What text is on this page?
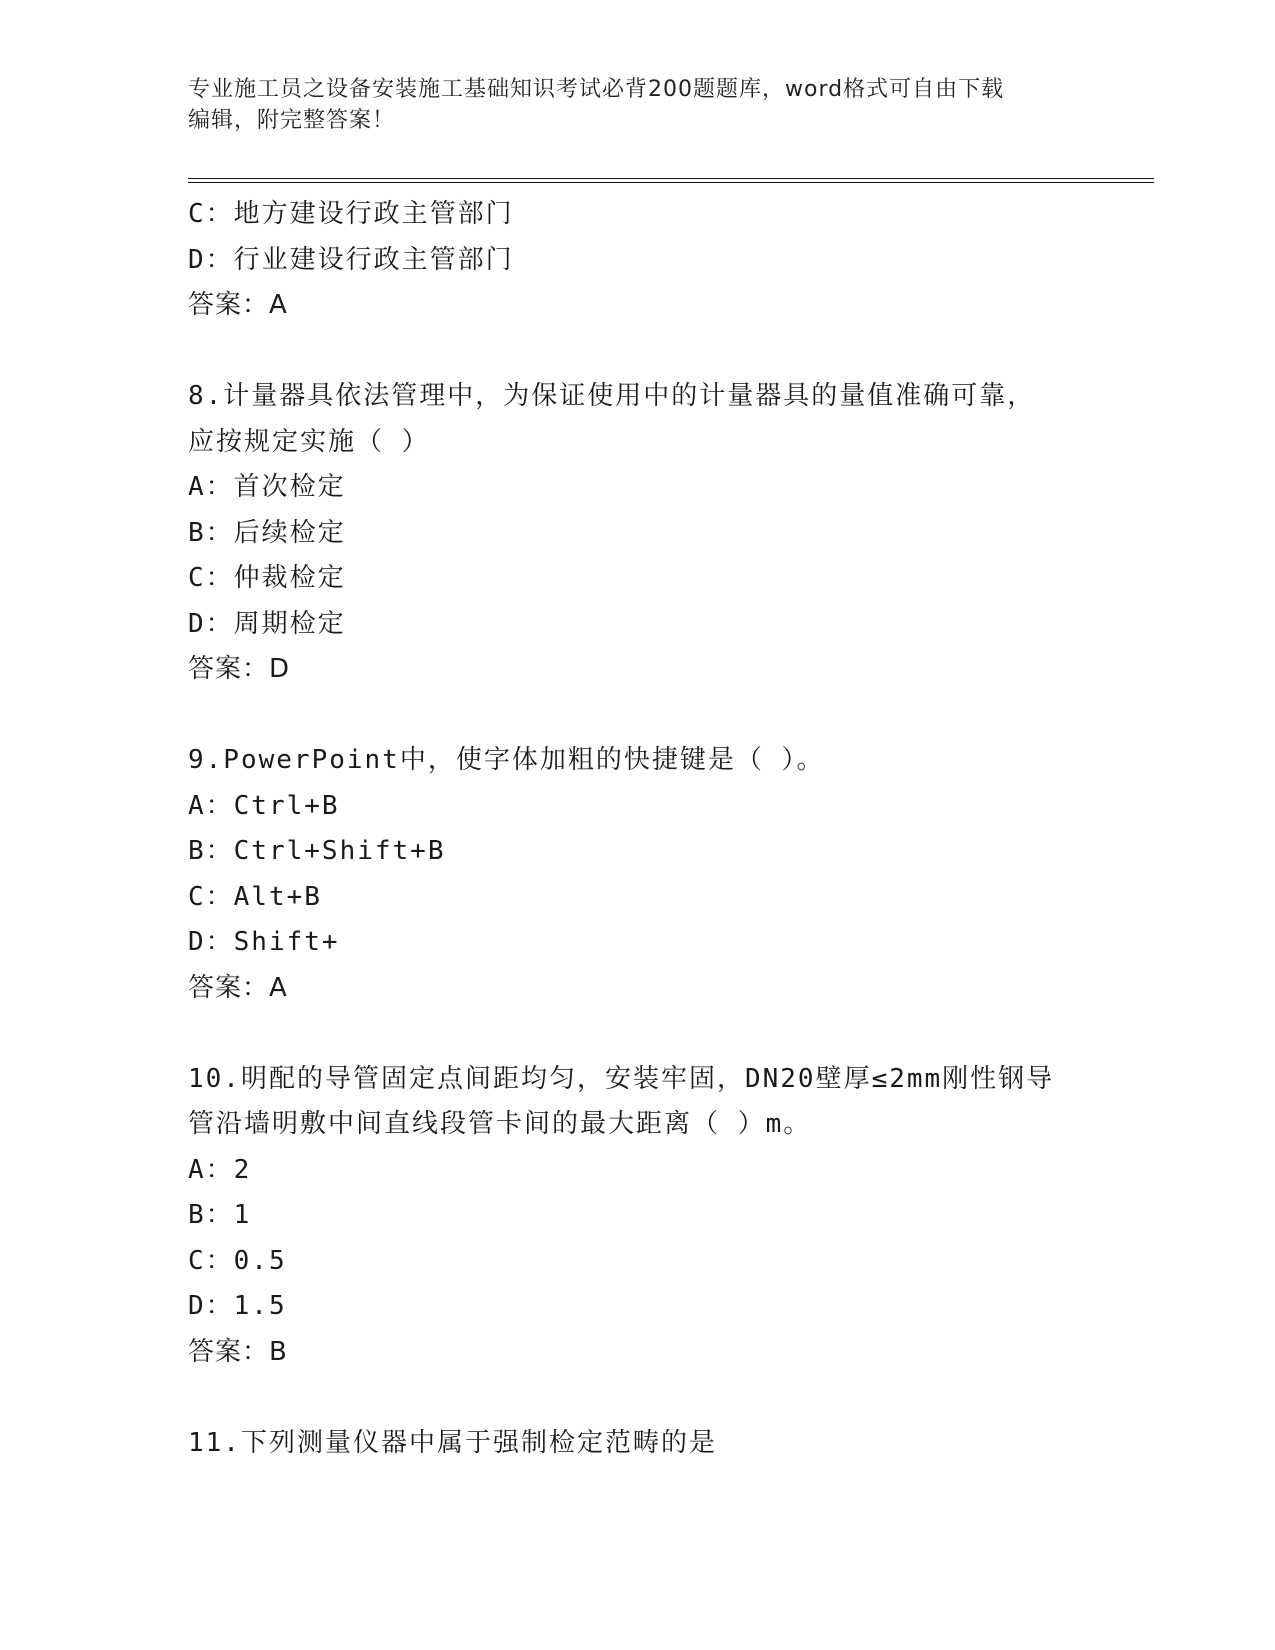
专业施工员之设备安装施工基础知识考试必背200题题库，word格式可自由下载
编辑，附完整答案！
C：地方建设行政主管部门
D：行业建设行政主管部门
答案：A
8.计量器具依法管理中，为保证使用中的计量器具的量值准确可靠，
应按规定实施（ ）
A：首次检定
B：后续检定
C：仲裁检定
D：周期检定
答案：D
9.PowerPoint中，使字体加粗的快捷键是（ ）。
A：Ctrl+B
B：Ctrl+Shift+B
C：Alt+B
D：Shift+
答案：A
10.明配的导管固定点间距均匀，安装牢固，DN20壁厚≤2mm刚性钢导
管沿墙明敷中间直线段管卡间的最大距离（ ）m。
A：2
B：1
C：0.5
D：1.5
答案：B
11.下列测量仪器中属于强制检定范畴的是
